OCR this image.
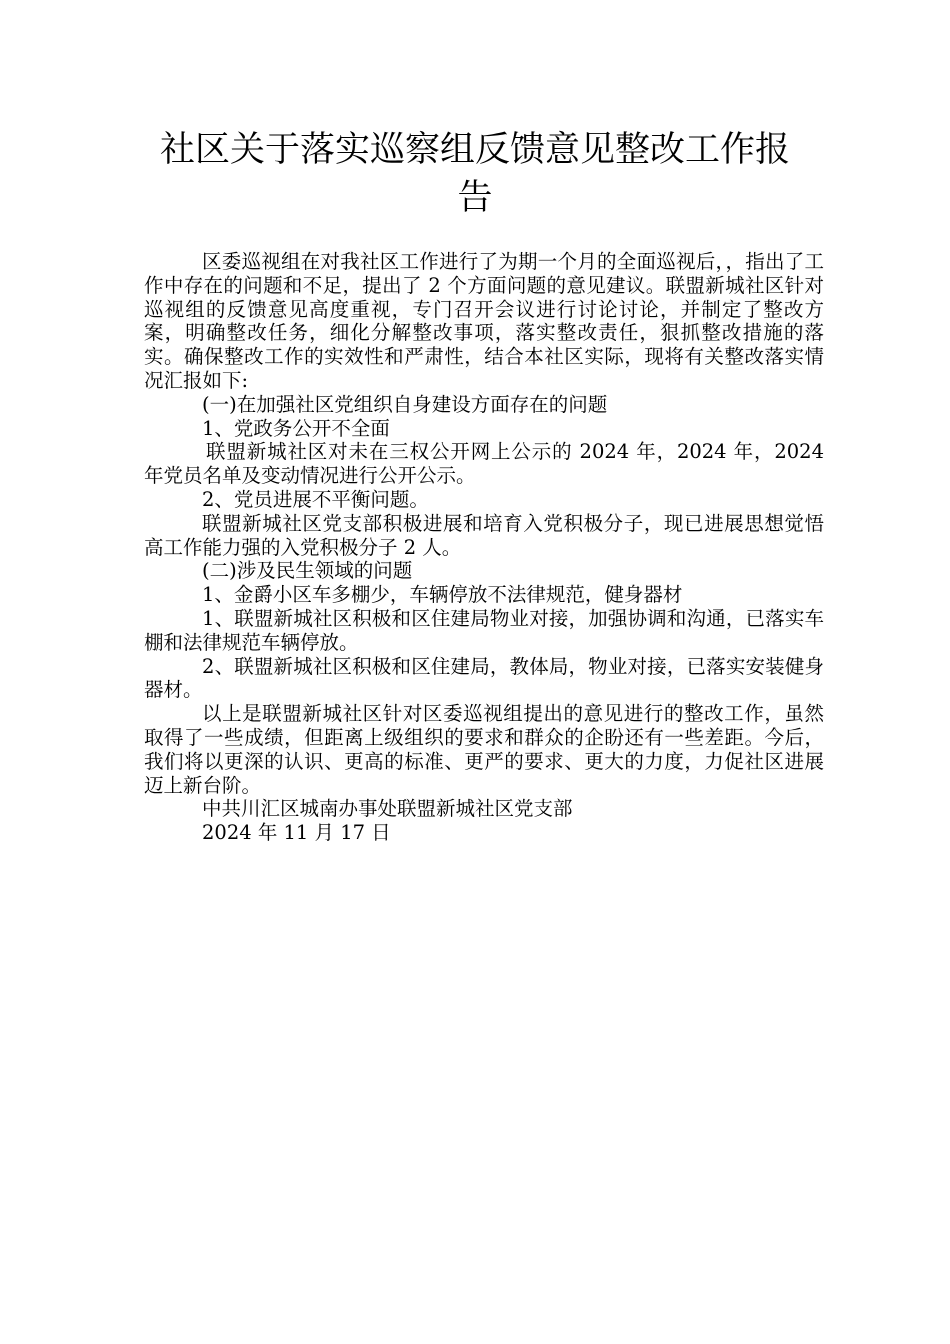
社区关于落实巡察组反馈意见整改工作报
告

区委巡视组在对我社区工作进行了为期一个月的全面巡视后，，指出了工作中存在的问题和不足，提出了 2 个方面问题的意见建议。联盟新城社区针对巡视组的反馈意见高度重视，专门召开会议进行讨论讨论，并制定了整改方案，明确整改任务，细化分解整改事项，落实整改责任，狠抓整改措施的落实。确保整改工作的实效性和严肃性，结合本社区实际，现将有关整改落实情况汇报如下:

(一)在加强社区党组织自身建设方面存在的问题

1、党政务公开不全面

联盟新城社区对未在三权公开网上公示的 2024 年，2024 年，2024 年党员名单及变动情况进行公开公示。

2、党员进展不平衡问题。

联盟新城社区党支部积极进展和培育入党积极分子，现已进展思想觉悟高工作能力强的入党积极分子 2 人。

(二)涉及民生领域的问题

1、金爵小区车多棚少，车辆停放不法律规范，健身器材

1、联盟新城社区积极和区住建局物业对接，加强协调和沟通，已落实车棚和法律规范车辆停放。

2、联盟新城社区积极和区住建局，教体局，物业对接，已落实安装健身器材。

以上是联盟新城社区针对区委巡视组提出的意见进行的整改工作，虽然取得了一些成绩，但距离上级组织的要求和群众的企盼还有一些差距。今后，我们将以更深的认识、更高的标准、更严的要求、更大的力度，力促社区进展迈上新台阶。

中共川汇区城南办事处联盟新城社区党支部

2024 年 11 月 17 日
